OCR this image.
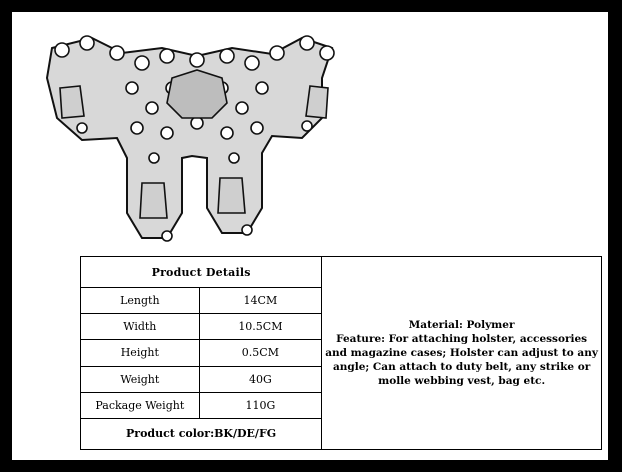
Product Details		Material: Polymer
Feature: For attaching holster, accessories
and magazine cases; Holster can adjust to any
angle; Can attach to duty belt, any strike or
molle webbing vest, bag etc.

Length	14CM	
Width	10.5CM	
Height	0.5CM	
Weight	40G	
Package Weight	110G	
Product color:BK/DE/FG		
